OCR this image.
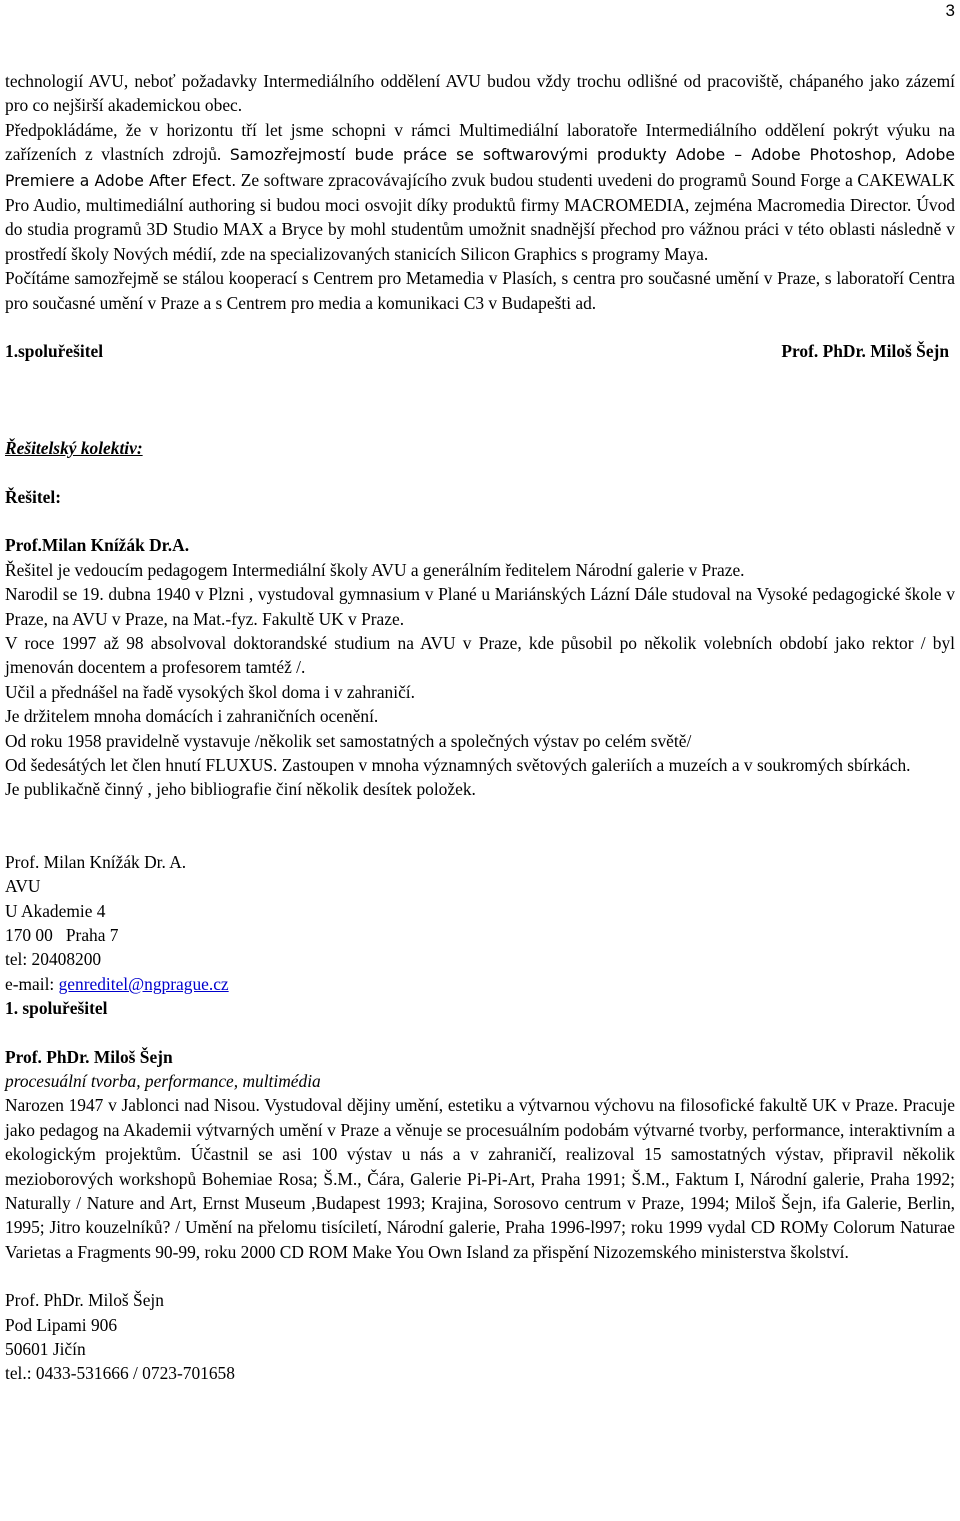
3

technologií AVU, neboť požadavky Intermediálního oddělení AVU budou vždy trochu odlišné od pracoviště, chápaného jako zázemí pro co nejširší akademickou obec.

Předpokládáme, že v horizontu tří let jsme schopni v rámci Multimediální laboratoře Intermediálního oddělení pokrýt výuku na zařízeních z vlastních zdrojů. Samozřejmostí bude práce se softwarovými produkty Adobe – Adobe Photoshop, Adobe Premiere a Adobe After Efect. Ze software zpracovávajícího zvuk budou studenti uvedeni do programů Sound Forge a CAKEWALK Pro Audio, multimediální authoring si budou moci osvojit díky produktů firmy MACROMEDIA, zejména Macromedia Director. Úvod do studia programů 3D Studio MAX a Bryce by mohl studentům umožnit snadnější přechod pro vážnou práci v této oblasti následně v prostředí školy Nových médií, zde na specializovaných stanicích Silicon Graphics s programy Maya.

Počítáme samozřejmě se stálou kooperací s Centrem pro Metamedia v Plasích, s centra pro současné umění v Praze, s laboratoří Centra pro současné umění v Praze a s Centrem pro media a komunikaci C3 v Budapešti ad.

1.spoluřešitel	Prof. PhDr. Miloš Šejn

Řešitelský kolektiv:

Řešitel:

Prof.Milan Knížák Dr.A.

Řešitel je vedoucím pedagogem Intermediální školy AVU a generálním ředitelem Národní galerie v Praze.

Narodil se 19. dubna 1940 v Plzni , vystudoval gymnasium v Plané u Mariánských Lázní Dále studoval na Vysoké pedagogické škole v Praze, na AVU v Praze, na Mat.-fyz. Fakultě UK v Praze.

V roce 1997 až 98 absolvoval doktorandské studium na AVU v Praze, kde působil po několik volebních období jako rektor / byl jmenován docentem a profesorem tamtéž /.

Učil a přednášel na řadě vysokých škol doma i v zahraničí.

Je držitelem mnoha domácích i zahraničních ocenění.

Od roku 1958 pravidelně vystavuje /několik set samostatných a společných výstav po celém světě/

Od šedesátých let člen hnutí FLUXUS. Zastoupen v mnoha významných světových galeriích a muzeích a v soukromých sbírkách.

Je publikačně činný , jeho bibliografie činí několik desítek položek.

Prof. Milan Knížák Dr. A.

AVU

U Akademie 4

170 00   Praha 7

tel: 20408200

e-mail: genreditel@ngprague.cz

1. spoluřešitel

Prof. PhDr. Miloš Šejn

procesuální tvorba, performance, multimédia

Narozen 1947 v Jablonci nad Nisou. Vystudoval dějiny umění, estetiku a výtvarnou výchovu na filosofické fakultě UK v Praze. Pracuje jako pedagog na Akademii výtvarných umění v Praze a věnuje se procesuálním podobám výtvarné tvorby, performance, interaktivním a ekologickým projektům. Účastnil se asi 100 výstav u nás a v zahraničí, realizoval 15 samostatných výstav, připravil několik mezioborových workshopů Bohemiae Rosa; Š.M., Čára, Galerie Pi-Pi-Art, Praha 1991; Š.M., Faktum I, Národní galerie, Praha 1992; Naturally / Nature and Art, Ernst Museum ,Budapest 1993; Krajina, Sorosovo centrum v Praze, 1994; Miloš Šejn, ifa Galerie, Berlin, 1995; Jitro kouzelníků? / Umění na přelomu tisíciletí, Národní galerie, Praha 1996-l997; roku 1999 vydal CD ROMy Colorum Naturae Varietas a Fragments 90-99, roku 2000 CD ROM Make You Own Island za přispění Nizozemského ministerstva školství.

Prof. PhDr. Miloš Šejn

Pod Lipami 906

50601 Jičín

tel.: 0433-531666 / 0723-701658
